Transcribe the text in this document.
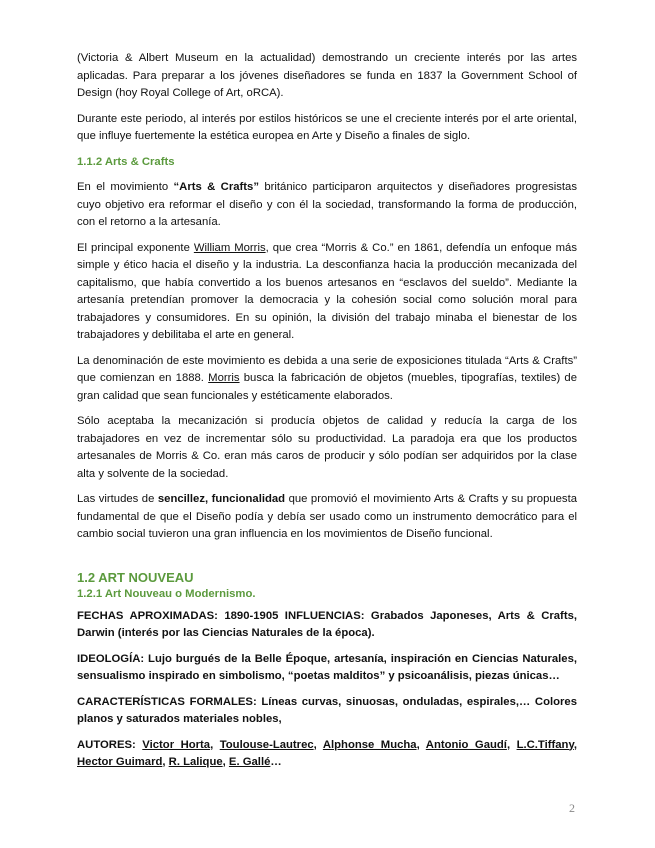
(Victoria & Albert Museum en la actualidad) demostrando un creciente interés por las artes aplicadas. Para preparar a los jóvenes diseñadores se funda en 1837 la Government School of Design (hoy Royal College of Art, oRCA).

Durante este periodo, al interés por estilos históricos se une el creciente interés por el arte oriental, que influye fuertemente la estética europea en Arte y Diseño a finales de siglo.

1.1.2 Arts & Crafts

En el movimiento “Arts & Crafts” británico participaron arquitectos y diseñadores progresistas cuyo objetivo era reformar el diseño y con él la sociedad, transformando la forma de producción, con el retorno a la artesanía.

El principal exponente William Morris, que crea “Morris & Co.” en 1861, defendía un enfoque más simple y ético hacia el diseño y la industria. La desconfianza hacia la producción mecanizada del capitalismo, que había convertido a los buenos artesanos en “esclavos del sueldo”. Mediante la artesanía pretendían promover la democracia y la cohesión social como solución moral para trabajadores y consumidores. En su opinión, la división del trabajo minaba el bienestar de los trabajadores y debilitaba el arte en general.

La denominación de este movimiento es debida a una serie de exposiciones titulada “Arts & Crafts” que comienzan en 1888. Morris busca la fabricación de objetos (muebles, tipografías, textiles) de gran calidad que sean funcionales y estéticamente elaborados.

Sólo aceptaba la mecanización si producía objetos de calidad y reducía la carga de los trabajadores en vez de incrementar sólo su productividad. La paradoja era que los productos artesanales de Morris & Co. eran más caros de producir y sólo podían ser adquiridos por la clase alta y solvente de la sociedad.

Las virtudes de sencillez, funcionalidad que promovió el movimiento Arts & Crafts y su propuesta fundamental de que el Diseño podía y debía ser usado como un instrumento democrático para el cambio social tuvieron una gran influencia en los movimientos de Diseño funcional.

1.2 ART NOUVEAU
1.2.1 Art Nouveau o Modernismo.

FECHAS APROXIMADAS: 1890-1905 INFLUENCIAS: Grabados Japoneses, Arts & Crafts, Darwin (interés por las Ciencias Naturales de la época).

IDEOLOGÍA: Lujo burgués de la Belle Époque, artesanía, inspiración en Ciencias Naturales, sensualismo inspirado en simbolismo, “poetas malditos” y psicoanálisis, piezas únicas…

CARACTERÍSTICAS FORMALES: Líneas curvas, sinuosas, onduladas, espirales,… Colores planos y saturados materiales nobles,

AUTORES: Victor Horta, Toulouse-Lautrec, Alphonse Mucha, Antonio Gaudí, L.C.Tiffany, Hector Guimard, R. Lalique, E. Gallé…

2
